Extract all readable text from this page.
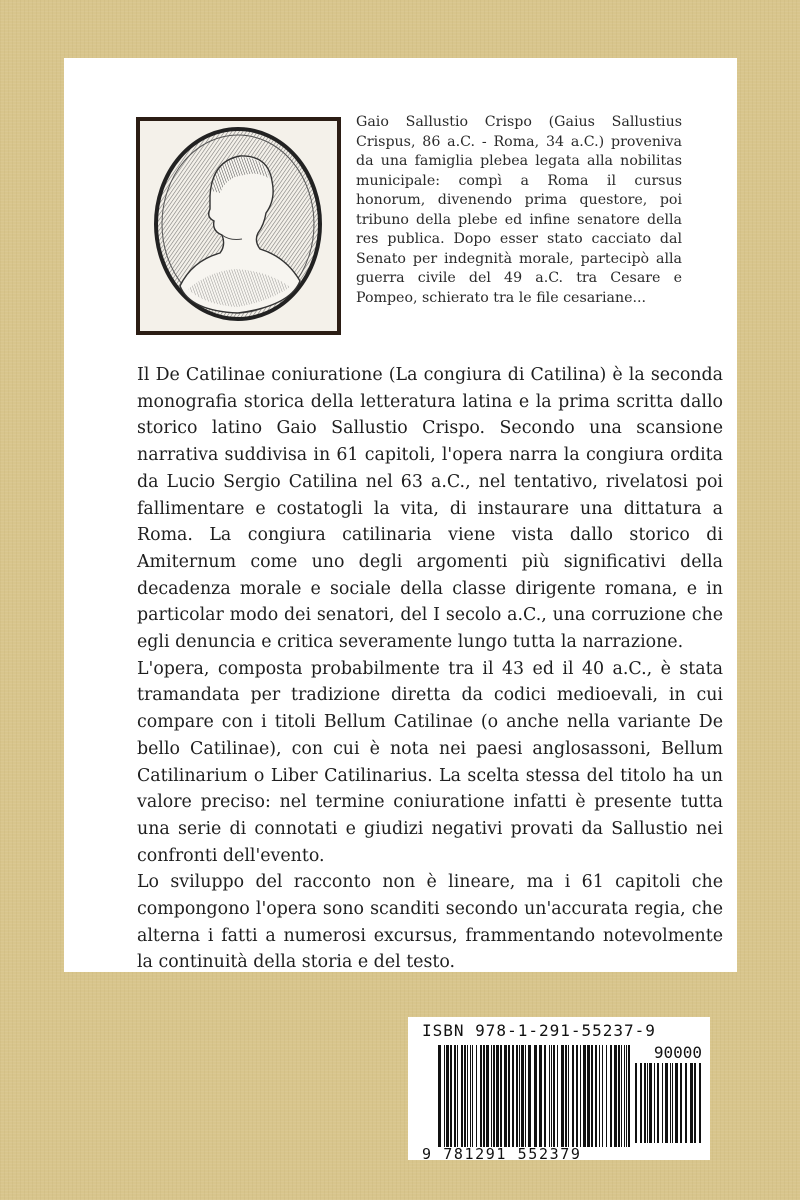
Gaio Sallustio Crispo (Gaius Sallustius Crispus, 86 a.C. - Roma, 34 a.C.) proveniva da una famiglia plebea legata alla nobilitas municipale: compì a Roma il cursus honorum, divenendo prima questore, poi tribuno della plebe ed infine senatore della res publica. Dopo esser stato cacciato dal Senato per indegnità morale, partecipò alla guerra civile del 49 a.C. tra Cesare e Pompeo, schierato tra le file cesariane...

Il De Catilinae coniuratione (La congiura di Catilina) è la seconda monografia storica della letteratura latina e la prima scritta dallo storico latino Gaio Sallustio Crispo. Secondo una scansione narrativa suddivisa in 61 capitoli, l'opera narra la congiura ordita da Lucio Sergio Catilina nel 63 a.C., nel tentativo, rivelatosi poi fallimentare e costatogli la vita, di instaurare una dittatura a Roma. La congiura catilinaria viene vista dallo storico di Amiternum come uno degli argomenti più significativi della decadenza morale e sociale della classe dirigente romana, e in particolar modo dei senatori, del I secolo a.C., una corruzione che egli denuncia e critica severamente lungo tutta la narrazione.

L'opera, composta probabilmente tra il 43 ed il 40 a.C., è stata tramandata per tradizione diretta da codici medioevali, in cui compare con i titoli Bellum Catilinae (o anche nella variante De bello Catilinae), con cui è nota nei paesi anglosassoni, Bellum Catilinarium o Liber Catilinarius. La scelta stessa del titolo ha un valore preciso: nel termine coniuratione infatti è presente tutta una serie di connotati e giudizi negativi provati da Sallustio nei confronti dell'evento.

Lo sviluppo del racconto non è lineare, ma i 61 capitoli che compongono l'opera sono scanditi secondo un'accurata regia, che alterna i fatti a numerosi excursus, frammentando notevolmente la continuità della storia e del testo.

ISBN 978-1-291-55237-9
90000
9 781291 552379
